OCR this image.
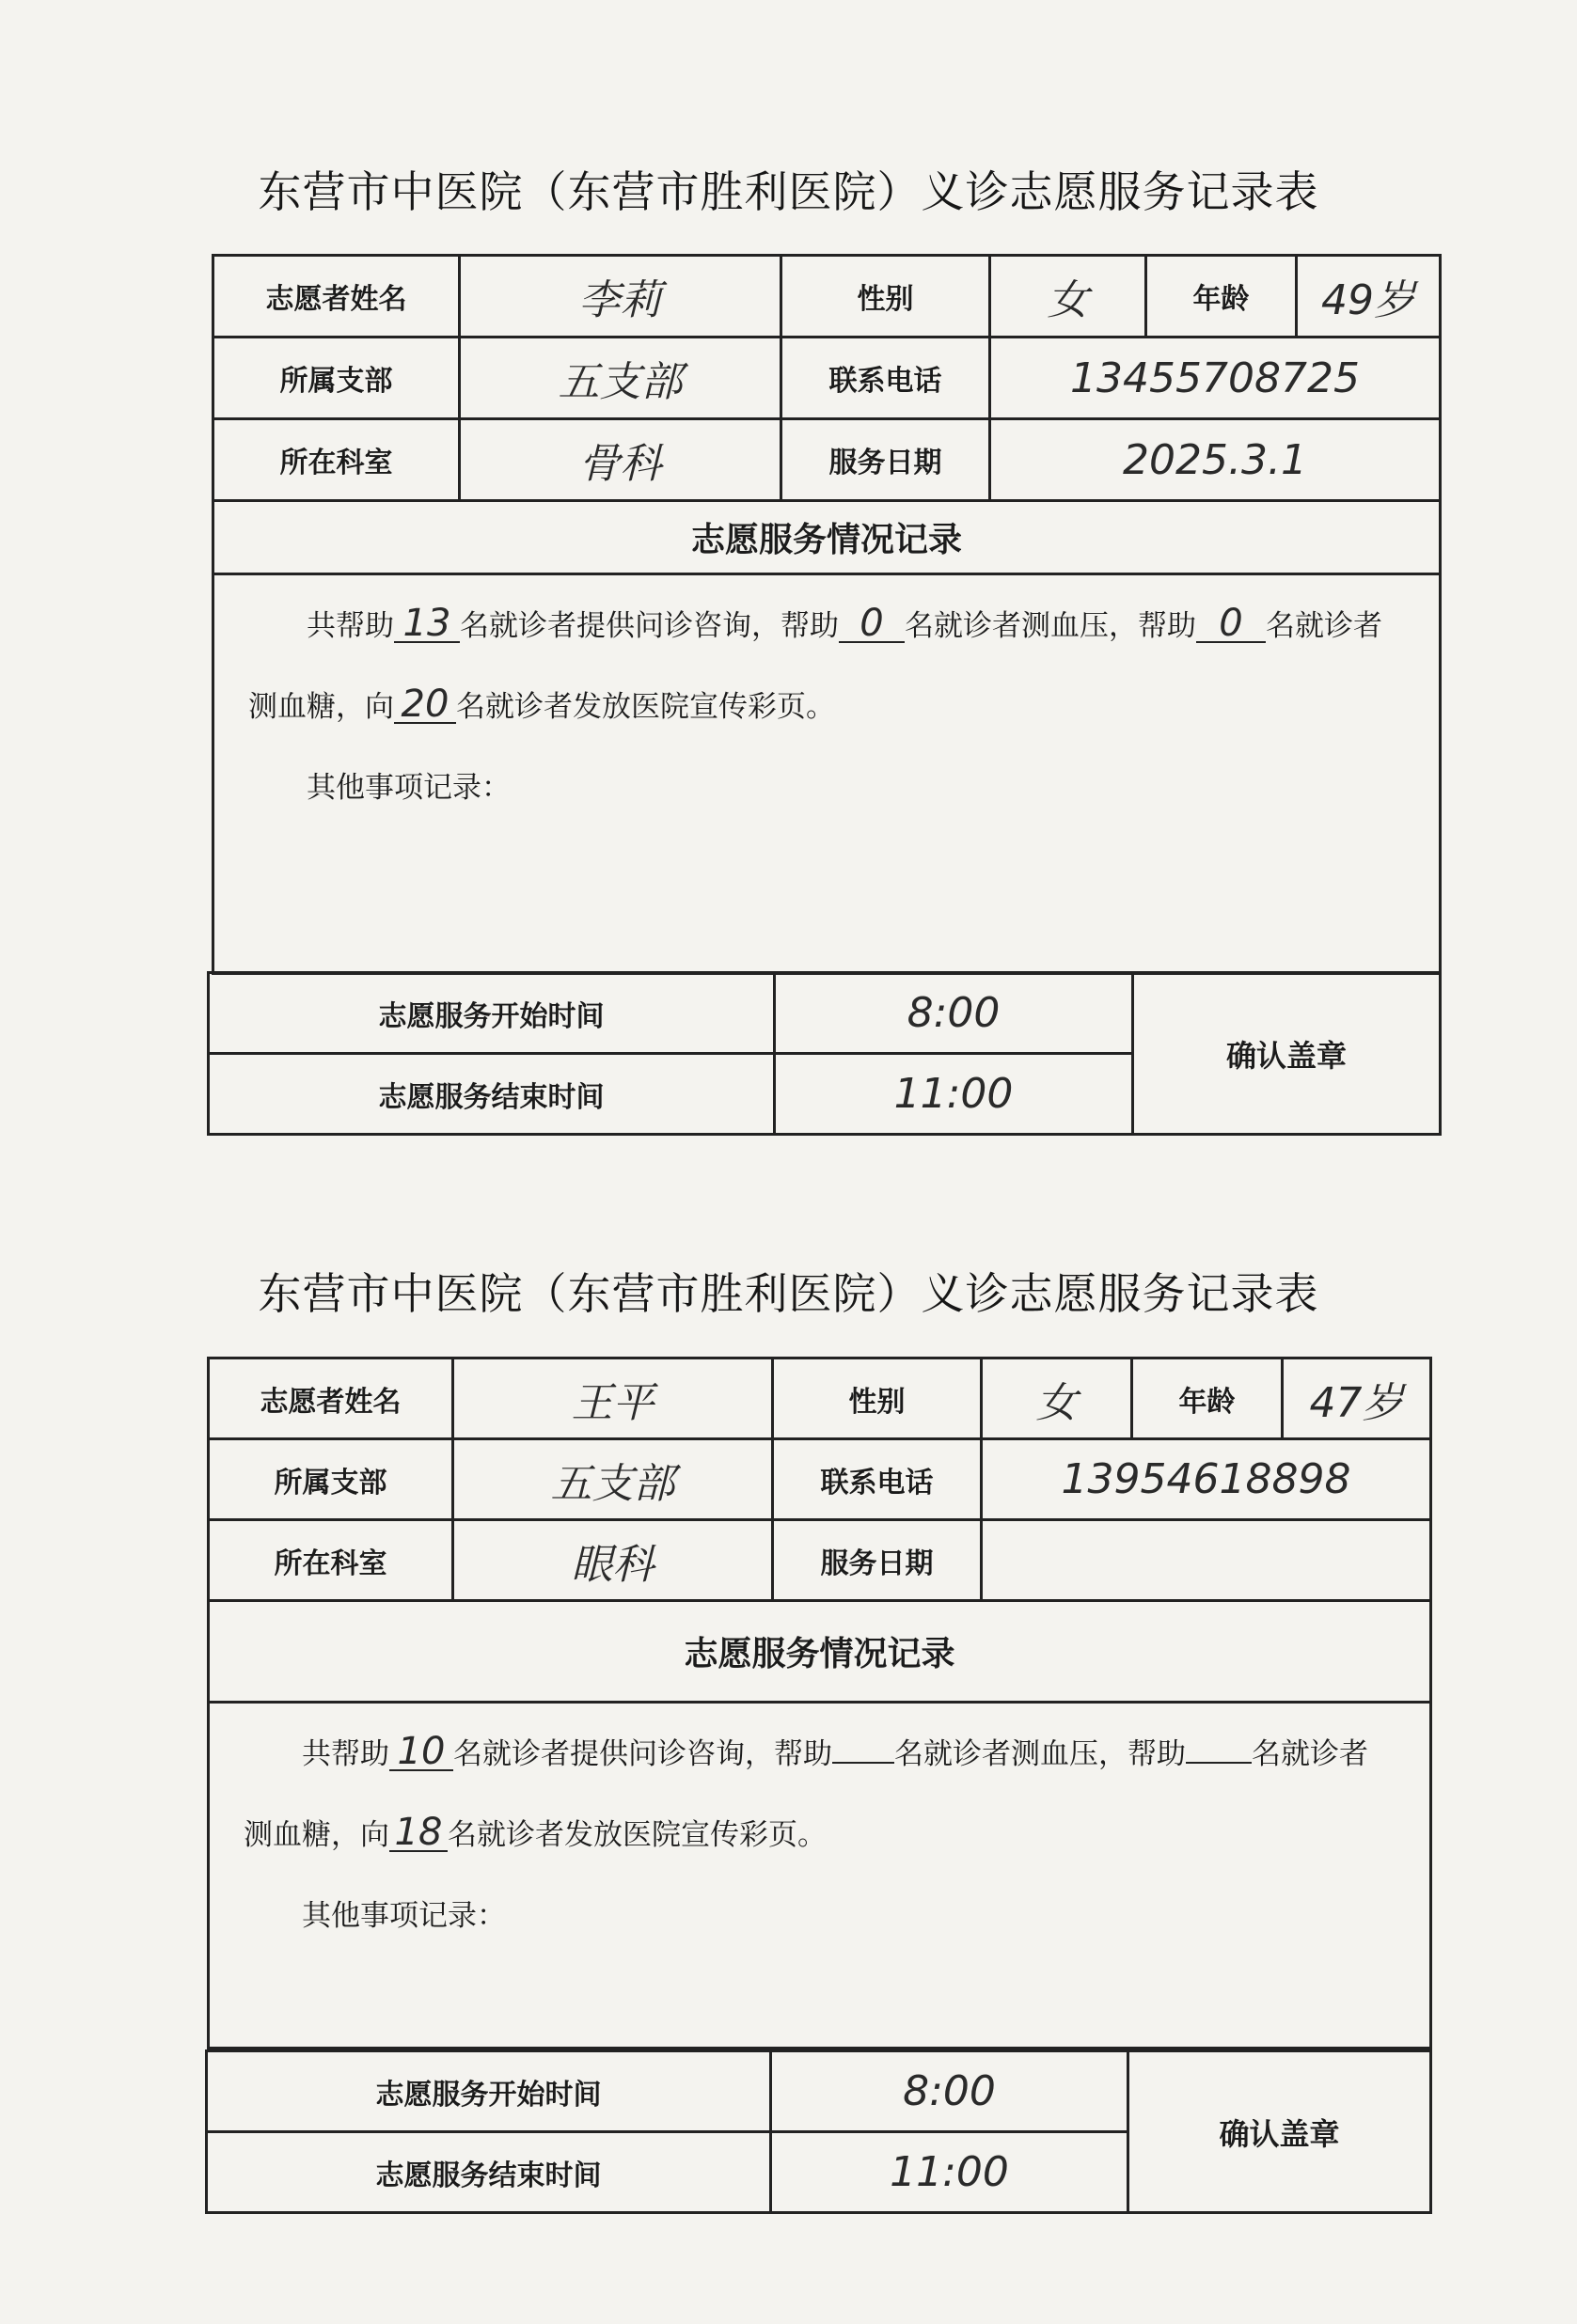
东营市中医院（东营市胜利医院）义诊志愿服务记录表
志愿者姓名	李莉	性别	女	年龄	49岁
所属支部	五支部	联系电话	13455708725		
所在科室	骨科	服务日期	2025.3.1		
志愿服务情况记录					

共帮助 13 名就诊者提供问诊咨询，帮助 0 名就诊者测血压，帮助 0 名就诊者
测血糖，向 20 名就诊者发放医院宣传彩页。
其他事项记录：					
志愿服务开始时间	8:00	确认盖章
志愿服务结束时间	11:00	
东营市中医院（东营市胜利医院）义诊志愿服务记录表
志愿者姓名	王平	性别	女	年龄	47岁
所属支部	五支部	联系电话	13954618898		
所在科室	眼科	服务日期			
志愿服务情况记录					

共帮助 10 名就诊者提供问诊咨询，帮助 名就诊者测血压，帮助 名就诊者
测血糖，向 18 名就诊者发放医院宣传彩页。
其他事项记录：					
志愿服务开始时间	8:00	确认盖章
志愿服务结束时间	11:00	
